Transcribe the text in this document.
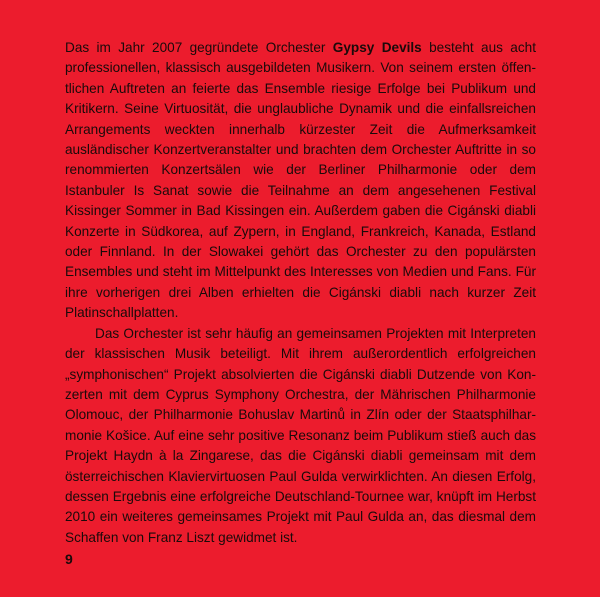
Das im Jahr 2007 gegründete Orchester Gypsy Devils besteht aus acht professionellen, klassisch ausgebildeten Musikern. Von seinem ersten öffentlichen Auftreten an feierte das Ensemble riesige Erfolge bei Publikum und Kritikern. Seine Virtuosität, die unglaubliche Dynamik und die einfallsreichen Arrangements weckten innerhalb kürzester Zeit die Aufmerksamkeit ausländischer Konzertveranstalter und brachten dem Orchester Auftritte in so renommierten Konzertsälen wie der Berliner Philharmonie oder dem Istanbuler Is Sanat sowie die Teilnahme an dem angesehenen Festival Kissinger Sommer in Bad Kissingen ein. Außerdem gaben die Cigánski diabli Konzerte in Südkorea, auf Zypern, in England, Frankreich, Kanada, Estland oder Finnland. In der Slowakei gehört das Orchester zu den populärsten Ensembles und steht im Mittelpunkt des Interesses von Medien und Fans. Für ihre vorherigen drei Alben erhielten die Cigánski diabli nach kurzer Zeit Platinschallplatten.

Das Orchester ist sehr häufig an gemeinsamen Projekten mit Interpreten der klassischen Musik beteiligt. Mit ihrem außerordentlich erfolgreichen „symphonischen“ Projekt absolvierten die Cigánski diabli Dutzende von Konzerten mit dem Cyprus Symphony Orchestra, der Mährischen Philharmonie Olomouc, der Philharmonie Bohuslav Martinů in Zlín oder der Staatsphilharmonie Košice. Auf eine sehr positive Resonanz beim Publikum stieß auch das Projekt Haydn à la Zingarese, das die Cigánski diabli gemeinsam mit dem österreichischen Klaviervirtuosen Paul Gulda verwirklichten. An diesen Erfolg, dessen Ergebnis eine erfolgreiche Deutschland-Tournee war, knüpft im Herbst 2010 ein weiteres gemeinsames Projekt mit Paul Gulda an, das diesmal dem Schaffen von Franz Liszt gewidmet ist.

9
